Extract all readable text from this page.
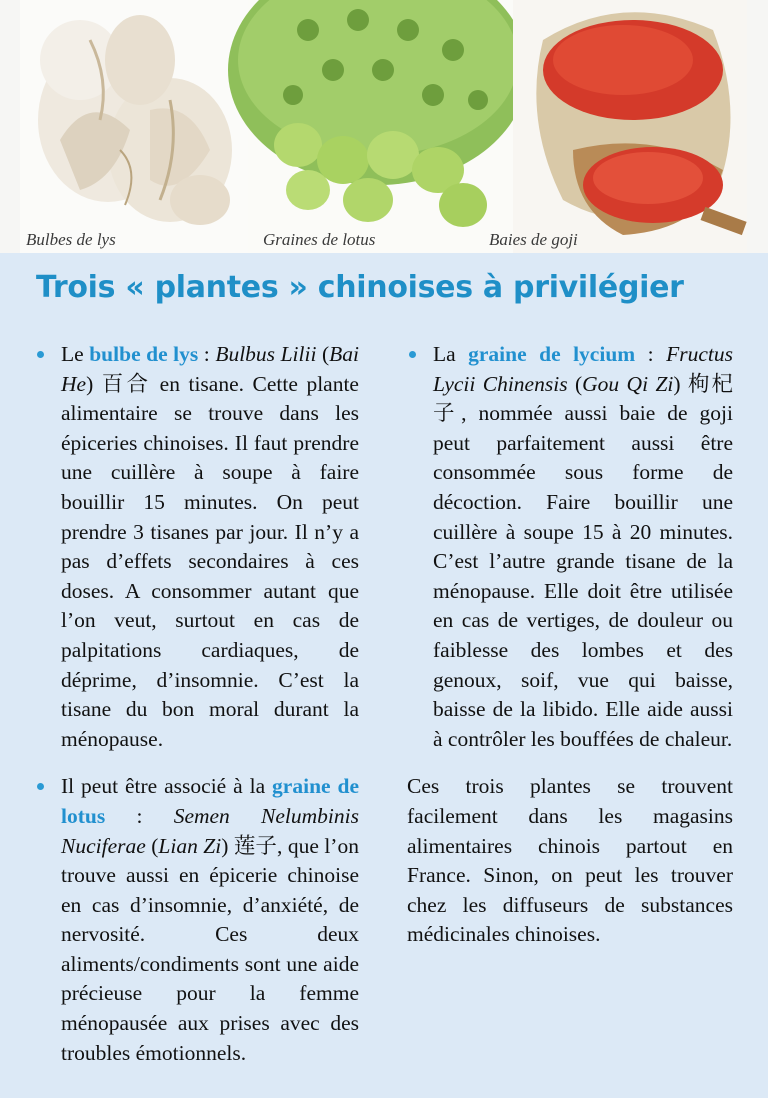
Bulbes de lys	Graines de lotus	Baies de goji
Trois « plantes » chinoises à privilégier

Le bulbe de lys : Bulbus Lilii (Bai He) 百合 en tisane. Cette plante alimentaire se trouve dans les épiceries chinoises. Il faut prendre une cuillère à soupe à faire bouillir 15 minutes. On peut prendre 3 tisanes par jour. Il n’y a pas d’effets secondaires à ces doses. A consommer autant que l’on veut, surtout en cas de palpitations cardiaques, de déprime, d’insomnie. C’est la tisane du bon moral durant la ménopause.

Il peut être associé à la graine de lotus : Semen Nelumbinis Nuciferae (Lian Zi) 莲子, que l’on trouve aussi en épicerie chinoise en cas d’insomnie, d’anxiété, de nervosité. Ces deux aliments/condiments sont une aide précieuse pour la femme ménopausée aux prises avec des troubles émotionnels.

La graine de lycium : Fructus Lycii Chinensis (Gou Qi Zi) 枸杞子, nommée aussi baie de goji peut parfaitement aussi être consommée sous forme de décoction. Faire bouillir une cuillère à soupe 15 à 20 minutes. C’est l’autre grande tisane de la ménopause. Elle doit être utilisée en cas de vertiges, de douleur ou faiblesse des lombes et des genoux, soif, vue qui baisse, baisse de la libido. Elle aide aussi à contrôler les bouffées de chaleur.

Ces trois plantes se trouvent facilement dans les magasins alimentaires chinois partout en France. Sinon, on peut les trouver chez les diffuseurs de substances médicinales chinoises.
